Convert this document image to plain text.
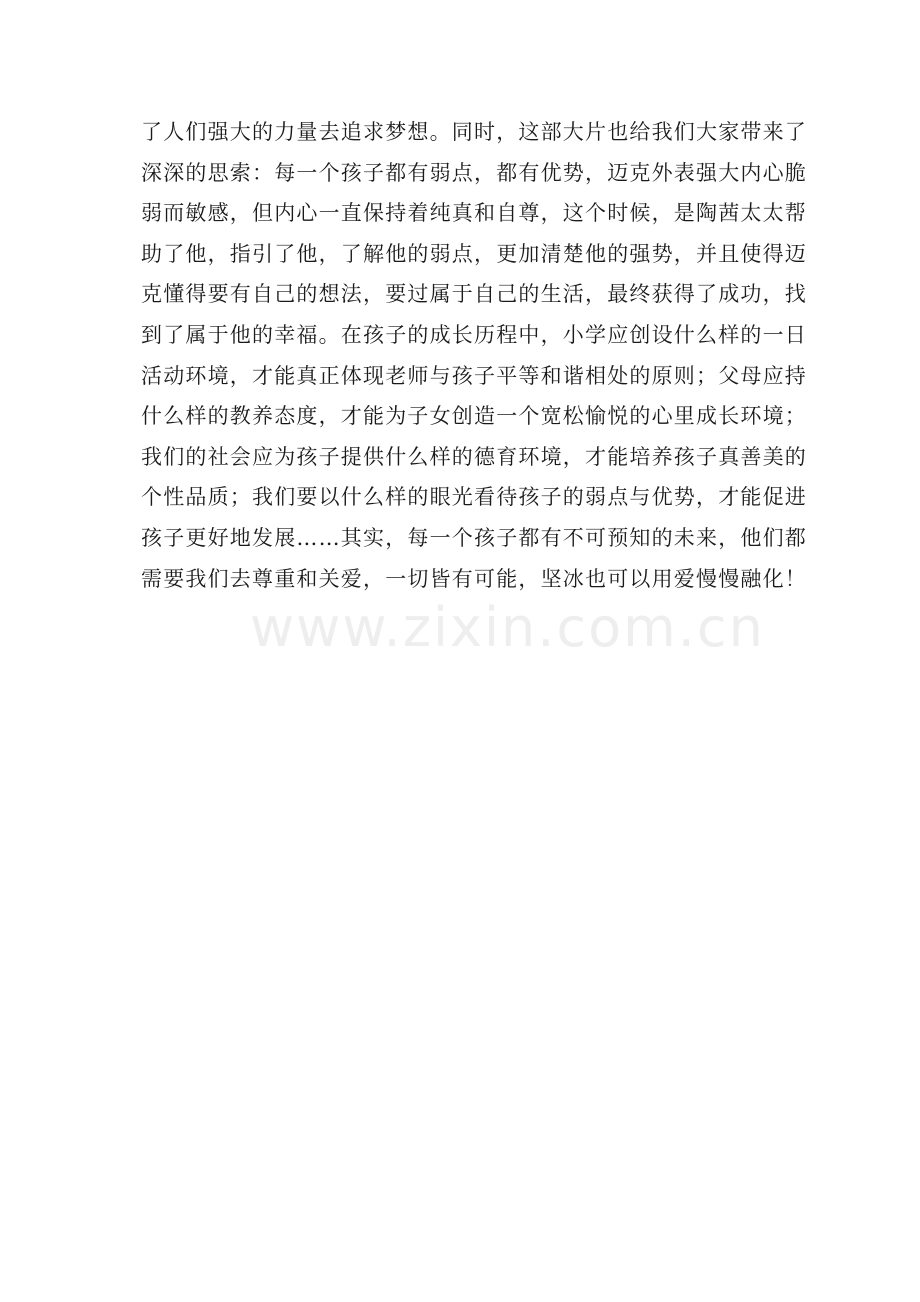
了人们强大的力量去追求梦想。同时，这部大片也给我们大家带来了
深深的思索：每一个孩子都有弱点，都有优势，迈克外表强大内心脆
弱而敏感，但内心一直保持着纯真和自尊，这个时候，是陶茜太太帮
助了他，指引了他，了解他的弱点，更加清楚他的强势，并且使得迈
克懂得要有自己的想法，要过属于自己的生活，最终获得了成功，找
到了属于他的幸福。在孩子的成长历程中，小学应创设什么样的一日
活动环境，才能真正体现老师与孩子平等和谐相处的原则；父母应持
什么样的教养态度，才能为子女创造一个宽松愉悦的心里成长环境；
我们的社会应为孩子提供什么样的德育环境，才能培养孩子真善美的
个性品质；我们要以什么样的眼光看待孩子的弱点与优势，才能促进
孩子更好地发展……其实，每一个孩子都有不可预知的未来，他们都
需要我们去尊重和关爱，一切皆有可能，坚冰也可以用爱慢慢融化！
www.zixin.com.cn
